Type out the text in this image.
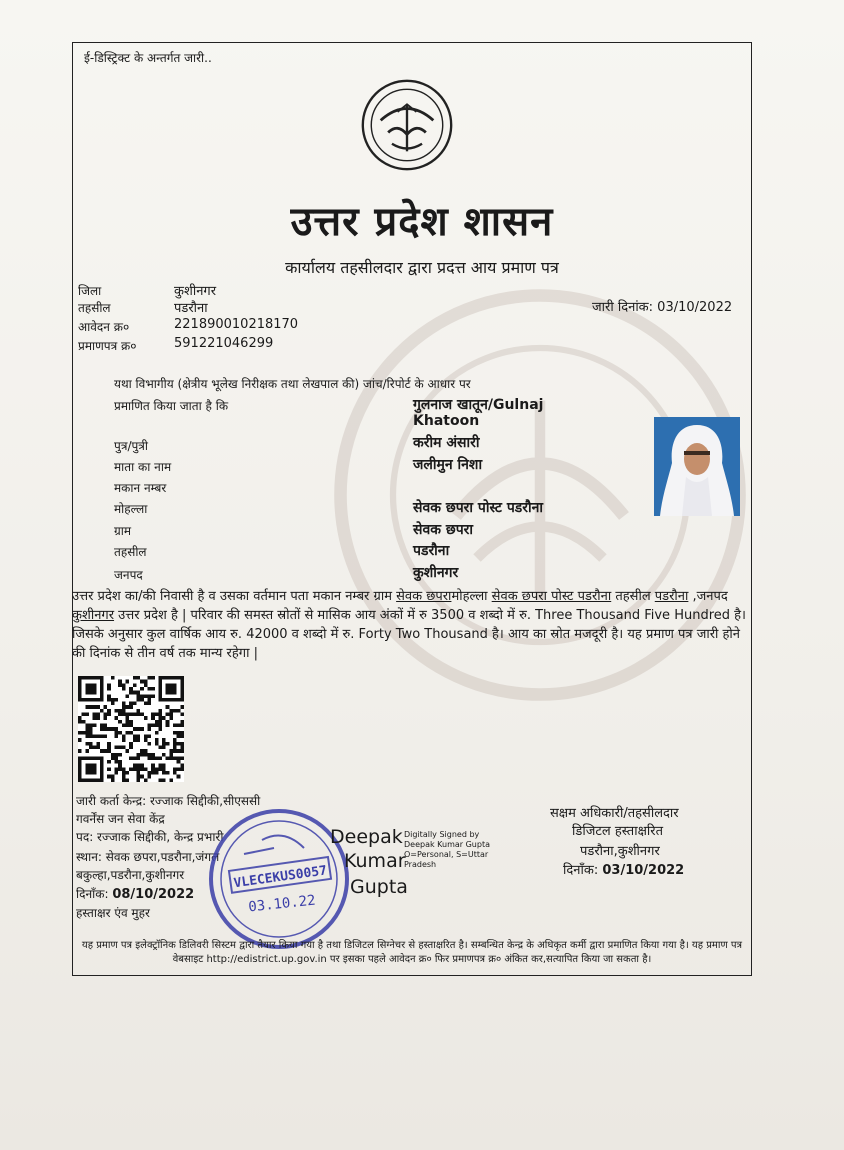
ई-डिस्ट्रिक्ट के अन्तर्गत जारी..
उत्तर प्रदेश शासन
कार्यालय तहसीलदार द्वारा प्रदत्त आय प्रमाण पत्र
जिला	कुशीनगर
तहसील	पडरौना
आवेदन क्र०	221890010218170
प्रमाणपत्र क्र०	591221046299
जारी दिनांक: 03/10/2022
यथा विभागीय (क्षेत्रीय भूलेख निरीक्षक तथा लेखपाल की) जांच/रिपोर्ट के आधार पर
प्रमाणित किया जाता है कि	गुलनाज खातून/Gulnaj
Khatoon
पुत्र/पुत्री	करीम अंसारी
माता का नाम	जलीमुन निशा
मकान नम्बर
मोहल्ला	सेवक छपरा पोस्ट पडरौना
ग्राम	सेवक छपरा
तहसील	पडरौना
जनपद	कुशीनगर
उत्तर प्रदेश का/की निवासी है व उसका वर्तमान पता मकान नम्बर ग्राम सेवक छपरामोहल्ला सेवक छपरा पोस्ट पडरौना तहसील पडरौना ,जनपद कुशीनगर उत्तर प्रदेश है | परिवार की समस्त स्रोतों से मासिक आय अंकों में रु 3500 व शब्दो में रु. Three Thousand Five Hundred है। जिसके अनुसार कुल वार्षिक आय रु. 42000 व शब्दो में रु. Forty Two Thousand है। आय का स्रोत मजदूरी है। यह प्रमाण पत्र जारी होने की दिनांक से तीन वर्ष तक मान्य रहेगा |
जारी कर्ता केन्द्र: रज्जाक सिद्दीकी,सीएससी
गवर्नेंस जन सेवा केंद्र
पद: रज्जाक सिद्दीकी, केन्द्र प्रभारी
स्थान: सेवक छपरा,पडरौना,जंगल
बकुल्हा,पडरौना,कुशीनगर
दिनाँक: 08/10/2022
हस्ताक्षर एंव मुहर
VLECEKUS0057
03.10.22
Deepak
Kumar
Gupta
Digitally Signed by
Deepak Kumar Gupta
O=Personal, S=Uttar
Pradesh
सक्षम अधिकारी/तहसीलदार
डिजिटल हस्ताक्षरित
पडरौना,कुशीनगर
दिनाँक: 03/10/2022
यह प्रमाण पत्र इलेक्ट्रॉनिक डिलिवरी सिस्टम द्वारा तैयार किया गया है तथा डिजिटल सिग्नेचर से हस्ताक्षरित है। सम्बन्धित केन्द्र के अधिकृत कर्मी द्वारा प्रमाणित किया गया है। यह प्रमाण पत्र वेबसाइट http://edistrict.up.gov.in पर इसका पहले आवेदन क्र० फिर प्रमाणपत्र क्र० अंकित कर,सत्यापित किया जा सकता है।
